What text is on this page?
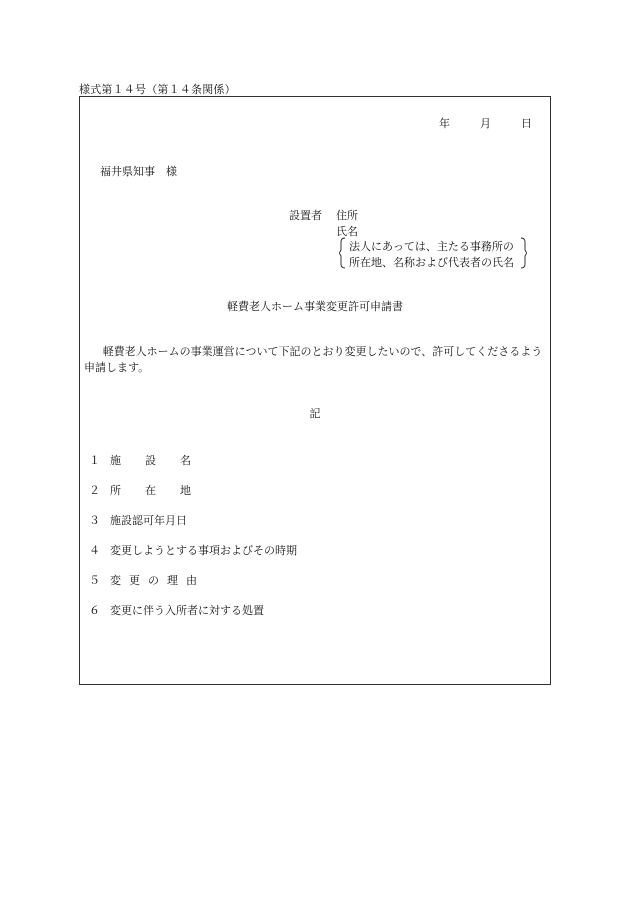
様式第１４号（第１４条関係）
年	月	日
福井県知事　様
設置者 住所
氏名
法人にあっては、主たる事務所の
所在地、名称および代表者の氏名
軽費老人ホーム事業変更許可申請書
軽費老人ホームの事業運営について下記のとおり変更したいので、許可してくださるよう申請します。
記
１ 施設名
２ 所在地
３ 施設認可年月日
４ 変更しようとする事項およびその時期
５ 変更の理由
６ 変更に伴う入所者に対する処置
